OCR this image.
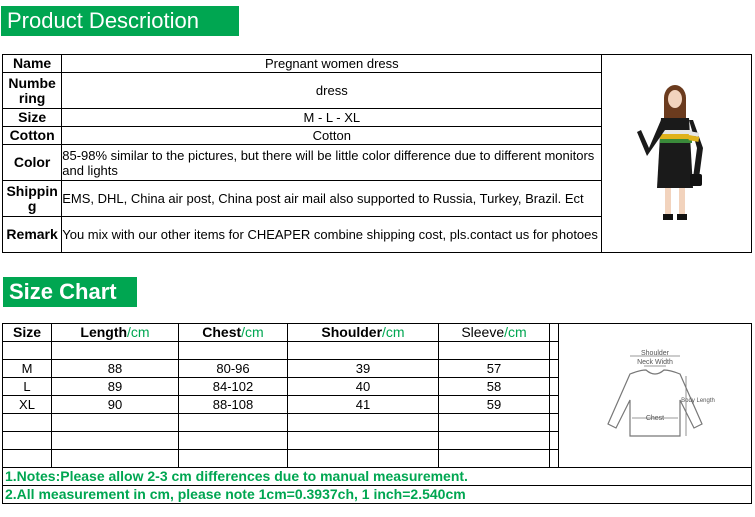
Product Descriotion
Name	Pregnant women dress	
Numbe ring	dress	
Size	M - L - XL	
Cotton	Cotton	
Color	85-98% similar to the pictures, but there will be little color difference due to different monitors and lights	
Shippin g	EMS, DHL, China air post, China post air mail also supported to Russia, Turkey, Brazil. Ect	
Remark	You mix with our other items for CHEAPER combine shipping cost, pls.contact us for photoes	
Size Chart
Size	Length/cm	Chest/cm	Shoulder/cm	Sleeve/cm		Shoulder
Neck Width
Chest
Body Length

M	88	80-96	39	57		
L	89	84-102	40	58		
XL	90	88-108	41	59		

1.Notes:Please allow 2-3 cm differences due to manual measurement.						
2.All measurement in cm, please note 1cm=0.3937ch, 1 inch=2.540cm						
